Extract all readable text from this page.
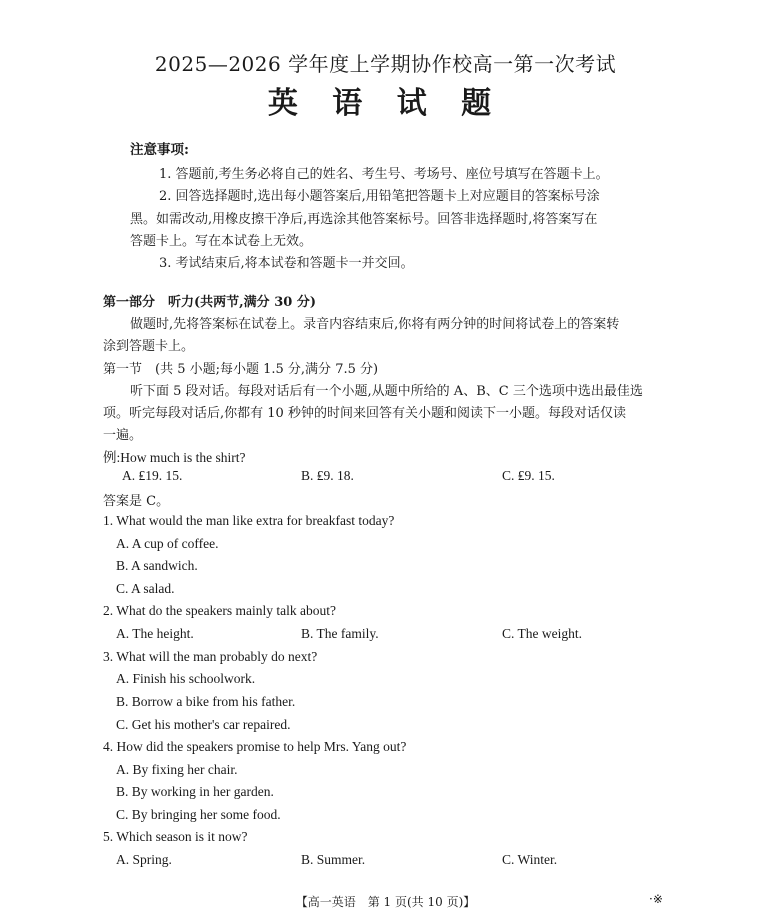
2025—2026 学年度上学期协作校高一第一次考试
英 语 试 题
注意事项:
1. 答题前,考生务必将自己的姓名、考生号、考场号、座位号填写在答题卡上。
2. 回答选择题时,选出每小题答案后,用铅笔把答题卡上对应题目的答案标号涂
黑。如需改动,用橡皮擦干净后,再选涂其他答案标号。回答非选择题时,将答案写在
答题卡上。写在本试卷上无效。
3. 考试结束后,将本试卷和答题卡一并交回。
第一部分　听力(共两节,满分 30 分)
做题时,先将答案标在试卷上。录音内容结束后,你将有两分钟的时间将试卷上的答案转
涂到答题卡上。
第一节　(共 5 小题;每小题 1.5 分,满分 7.5 分)
听下面 5 段对话。每段对话后有一个小题,从题中所给的 A、B、C 三个选项中选出最佳选
项。听完每段对话后,你都有 10 秒钟的时间来回答有关小题和阅读下一小题。每段对话仅读
一遍。
例:How much is the shirt?
A. ₤19. 15.	B. ₤9. 18.	C. ₤9. 15.
答案是 C。
1. What would the man like extra for breakfast today?
A. A cup of coffee.
B. A sandwich.
C. A salad.
2. What do the speakers mainly talk about?
A. The height.	B. The family.	C. The weight.
3. What will the man probably do next?
A. Finish his schoolwork.
B. Borrow a bike from his father.
C. Get his mother's car repaired.
4. How did the speakers promise to help Mrs. Yang out?
A. By fixing her chair.
B. By working in her garden.
C. By bringing her some food.
5. Which season is it now?
A. Spring.	B. Summer.	C. Winter.
【高一英语　第 1 页(共 10 页)】	·※
